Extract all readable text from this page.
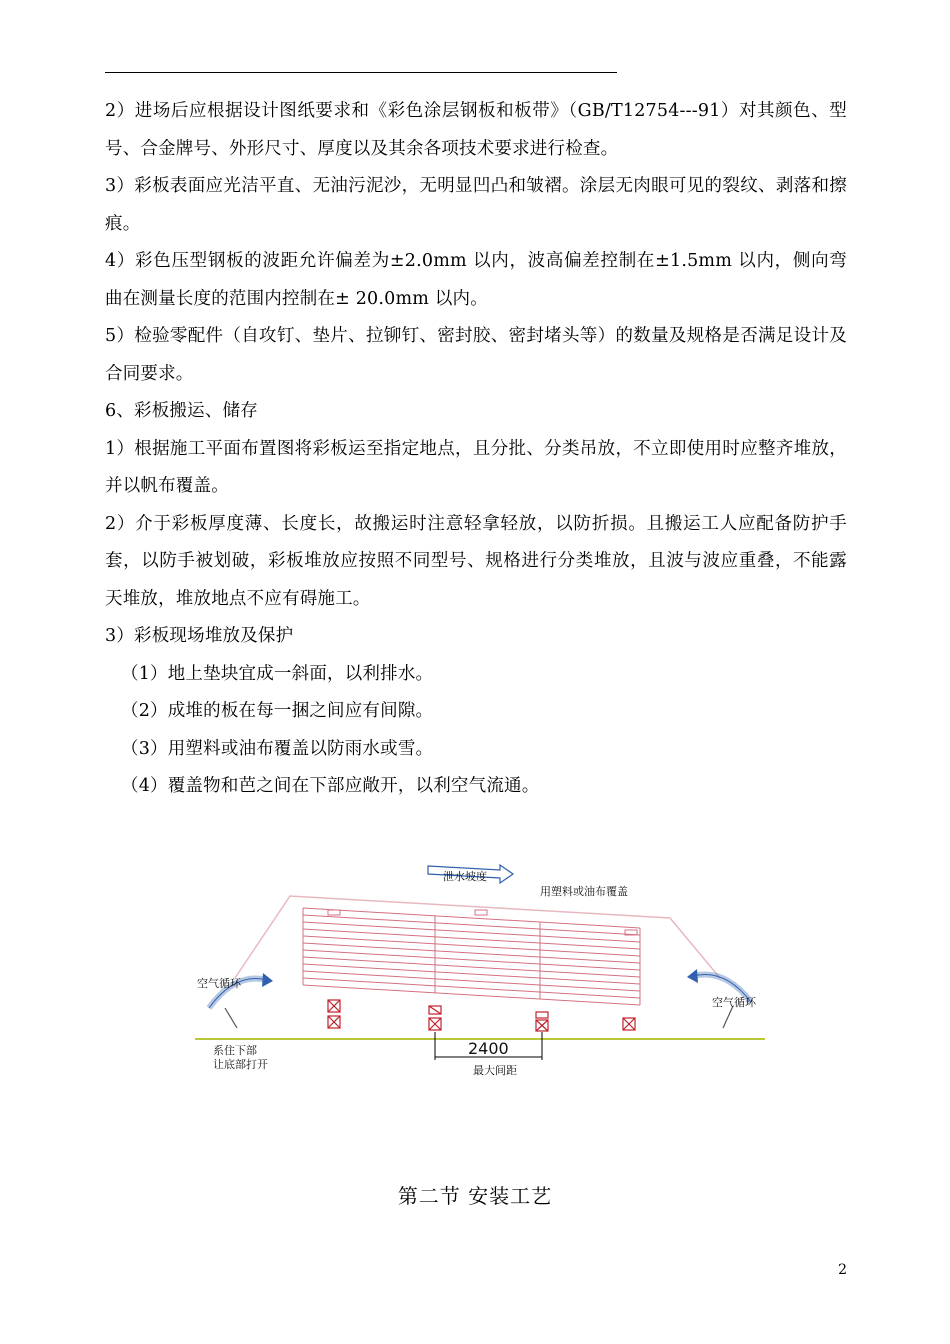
2）进场后应根据设计图纸要求和《彩色涂层钢板和板带》（GB/T12754---91）对其颜色、型号、合金牌号、外形尺寸、厚度以及其余各项技术要求进行检查。

3）彩板表面应光洁平直、无油污泥沙，无明显凹凸和皱褶。涂层无肉眼可见的裂纹、剥落和擦痕。

4）彩色压型钢板的波距允许偏差为±2.0mm 以内，波高偏差控制在±1.5mm 以内，侧向弯曲在测量长度的范围内控制在± 20.0mm 以内。

5）检验零配件（自攻钉、垫片、拉铆钉、密封胶、密封堵头等）的数量及规格是否满足设计及合同要求。

6、彩板搬运、储存

1）根据施工平面布置图将彩板运至指定地点，且分批、分类吊放，不立即使用时应整齐堆放，并以帆布覆盖。

2）介于彩板厚度薄、长度长，故搬运时注意轻拿轻放，以防折损。且搬运工人应配备防护手套，以防手被划破，彩板堆放应按照不同型号、规格进行分类堆放，且波与波应重叠，不能露天堆放，堆放地点不应有碍施工。

3）彩板现场堆放及保护

（1）地上垫块宜成一斜面，以利排水。

（2）成堆的板在每一捆之间应有间隙。

（3）用塑料或油布覆盖以防雨水或雪。

（4）覆盖物和芭之间在下部应敞开，以利空气流通。

泄水坡度
用塑料或油布覆盖
空气循环
空气循环
系住下部
让底部打开
2400
最大间距
第二节 安装工艺
2
